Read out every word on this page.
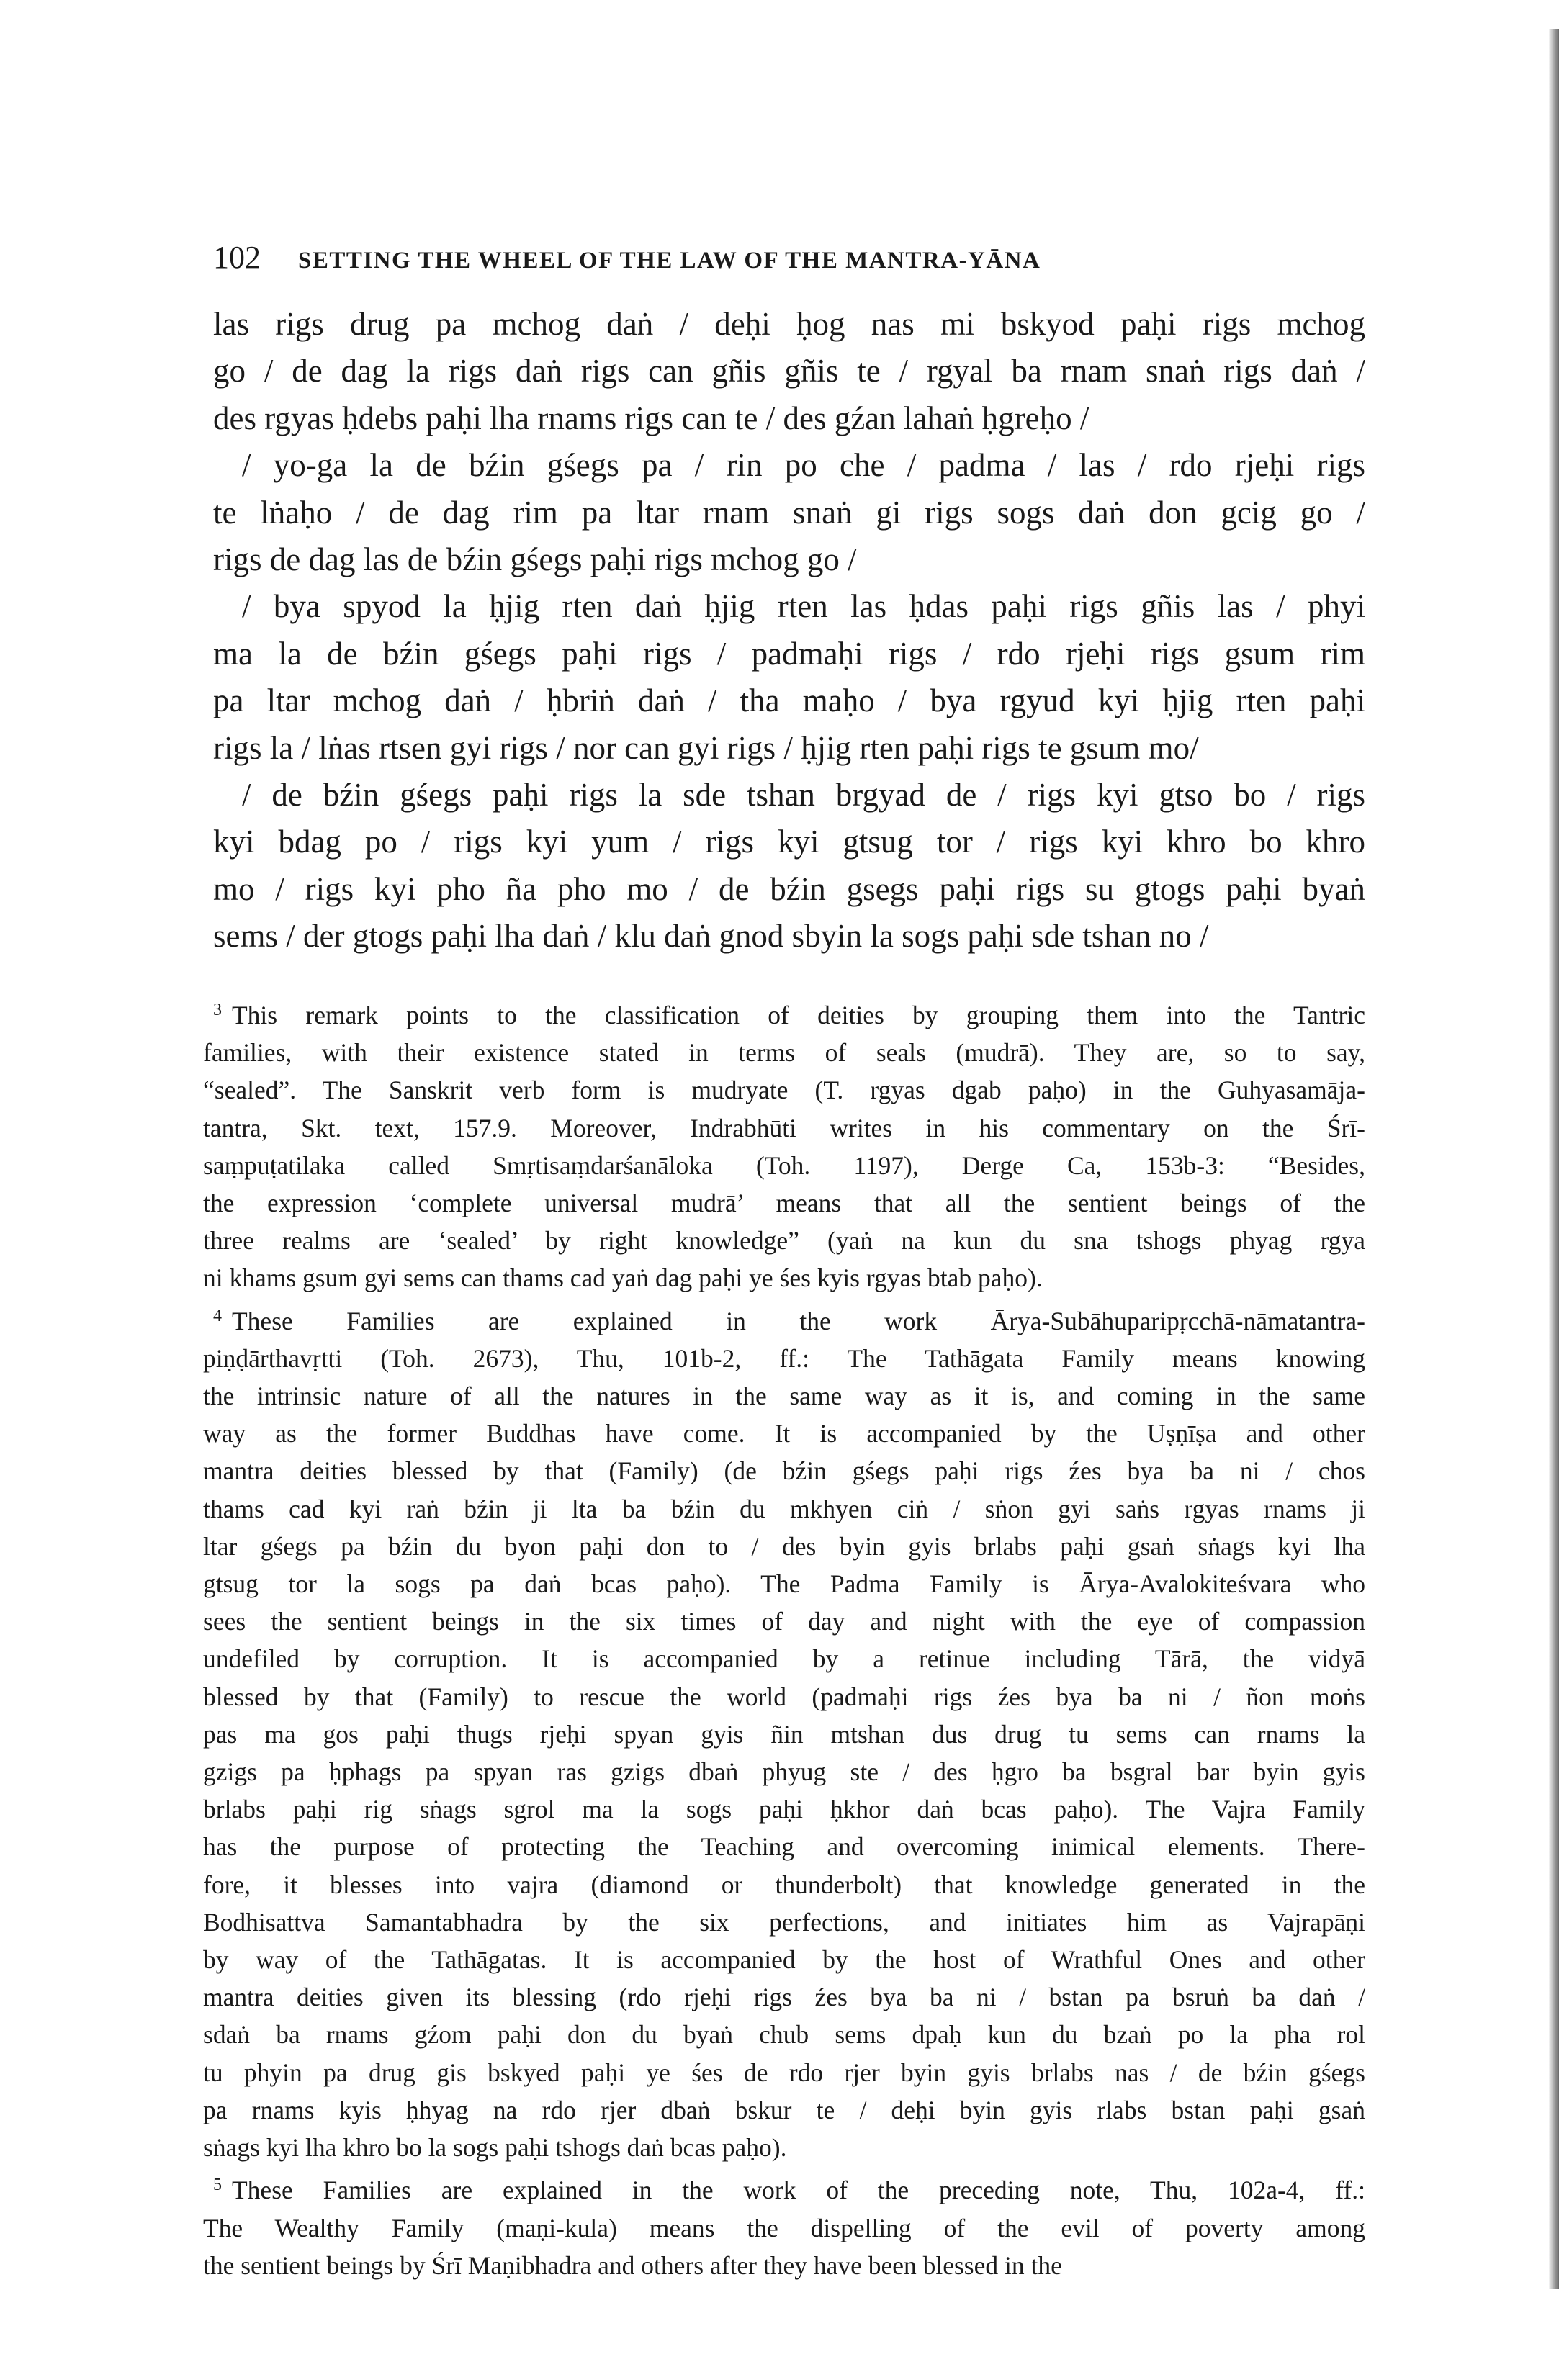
102 SETTING THE WHEEL OF THE LAW OF THE MANTRA-YĀNA
las rigs drug pa mchog daṅ / deḥi ḥog nas mi bskyod paḥi rigs mchog
go / de dag la rigs daṅ rigs can gñis gñis te / rgyal ba rnam snaṅ rigs daṅ /
des rgyas ḥdebs paḥi lha rnams rigs can te / des gźan lahaṅ ḥgreḥo /
/ yo-ga la de bźin gśegs pa / rin po che / padma / las / rdo rjeḥi rigs
te lṅaḥo / de dag rim pa ltar rnam snaṅ gi rigs sogs daṅ don gcig go /
rigs de dag las de bźin gśegs paḥi rigs mchog go /
/ bya spyod la ḥjig rten daṅ ḥjig rten las ḥdas paḥi rigs gñis las / phyi
ma la de bźin gśegs paḥi rigs / padmaḥi rigs / rdo rjeḥi rigs gsum rim
pa ltar mchog daṅ / ḥbriṅ daṅ / tha maḥo / bya rgyud kyi ḥjig rten paḥi
rigs la / lṅas rtsen gyi rigs / nor can gyi rigs / ḥjig rten paḥi rigs te gsum mo/
/ de bźin gśegs paḥi rigs la sde tshan brgyad de / rigs kyi gtso bo / rigs
kyi bdag po / rigs kyi yum / rigs kyi gtsug tor / rigs kyi khro bo khro
mo / rigs kyi pho ña pho mo / de bźin gsegs paḥi rigs su gtogs paḥi byaṅ
sems / der gtogs paḥi lha daṅ / klu daṅ gnod sbyin la sogs paḥi sde tshan no /
$^3$ This remark points to the classification of deities by grouping them into the Tantric
families, with their existence stated in terms of seals (mudrā). They are, so to say,
“sealed”. The Sanskrit verb form is mudryate (T. rgyas dgab paḥo) in the Guhyasamāja-
tantra, Skt. text, 157.9. Moreover, Indrabhūti writes in his commentary on the Śrī-
saṃpuṭatilaka called Smṛtisaṃdarśanāloka (Toh. 1197), Derge Ca, 153b-3: “Besides,
the expression ‘complete universal mudrā’ means that all the sentient beings of the
three realms are ‘sealed’ by right knowledge” (yaṅ na kun du sna tshogs phyag rgya
ni khams gsum gyi sems can thams cad yaṅ dag paḥi ye śes kyis rgyas btab paḥo).
$^4$ These Families are explained in the work Ārya-Subāhuparipṛcchā-nāmatantra-
piṇḍārthavṛtti (Toh. 2673), Thu, 101b-2, ff.: The Tathāgata Family means knowing
the intrinsic nature of all the natures in the same way as it is, and coming in the same
way as the former Buddhas have come. It is accompanied by the Uṣṇīṣa and other
mantra deities blessed by that (Family) (de bźin gśegs paḥi rigs źes bya ba ni / chos
thams cad kyi raṅ bźin ji lta ba bźin du mkhyen ciṅ / sṅon gyi saṅs rgyas rnams ji
ltar gśegs pa bźin du byon paḥi don to / des byin gyis brlabs paḥi gsaṅ sṅags kyi lha
gtsug tor la sogs pa daṅ bcas paḥo). The Padma Family is Ārya-Avalokiteśvara who
sees the sentient beings in the six times of day and night with the eye of compassion
undefiled by corruption. It is accompanied by a retinue including Tārā, the vidyā
blessed by that (Family) to rescue the world (padmaḥi rigs źes bya ba ni / ñon moṅs
pas ma gos paḥi thugs rjeḥi spyan gyis ñin mtshan dus drug tu sems can rnams la
gzigs pa ḥphags pa spyan ras gzigs dbaṅ phyug ste / des ḥgro ba bsgral bar byin gyis
brlabs paḥi rig sṅags sgrol ma la sogs paḥi ḥkhor daṅ bcas paḥo). The Vajra Family
has the purpose of protecting the Teaching and overcoming inimical elements. There-
fore, it blesses into vajra (diamond or thunderbolt) that knowledge generated in the
Bodhisattva Samantabhadra by the six perfections, and initiates him as Vajrapāṇi
by way of the Tathāgatas. It is accompanied by the host of Wrathful Ones and other
mantra deities given its blessing (rdo rjeḥi rigs źes bya ba ni / bstan pa bsruṅ ba daṅ /
sdaṅ ba rnams gźom paḥi don du byaṅ chub sems dpaḥ kun du bzaṅ po la pha rol
tu phyin pa drug gis bskyed paḥi ye śes de rdo rjer byin gyis brlabs nas / de bźin gśegs
pa rnams kyis ḥhyag na rdo rjer dbaṅ bskur te / deḥi byin gyis rlabs bstan paḥi gsaṅ
sṅags kyi lha khro bo la sogs paḥi tshogs daṅ bcas paḥo).
$^5$ These Families are explained in the work of the preceding note, Thu, 102a-4, ff.:
The Wealthy Family (maṇi-kula) means the dispelling of the evil of poverty among
the sentient beings by Śrī Maṇibhadra and others after they have been blessed in the
